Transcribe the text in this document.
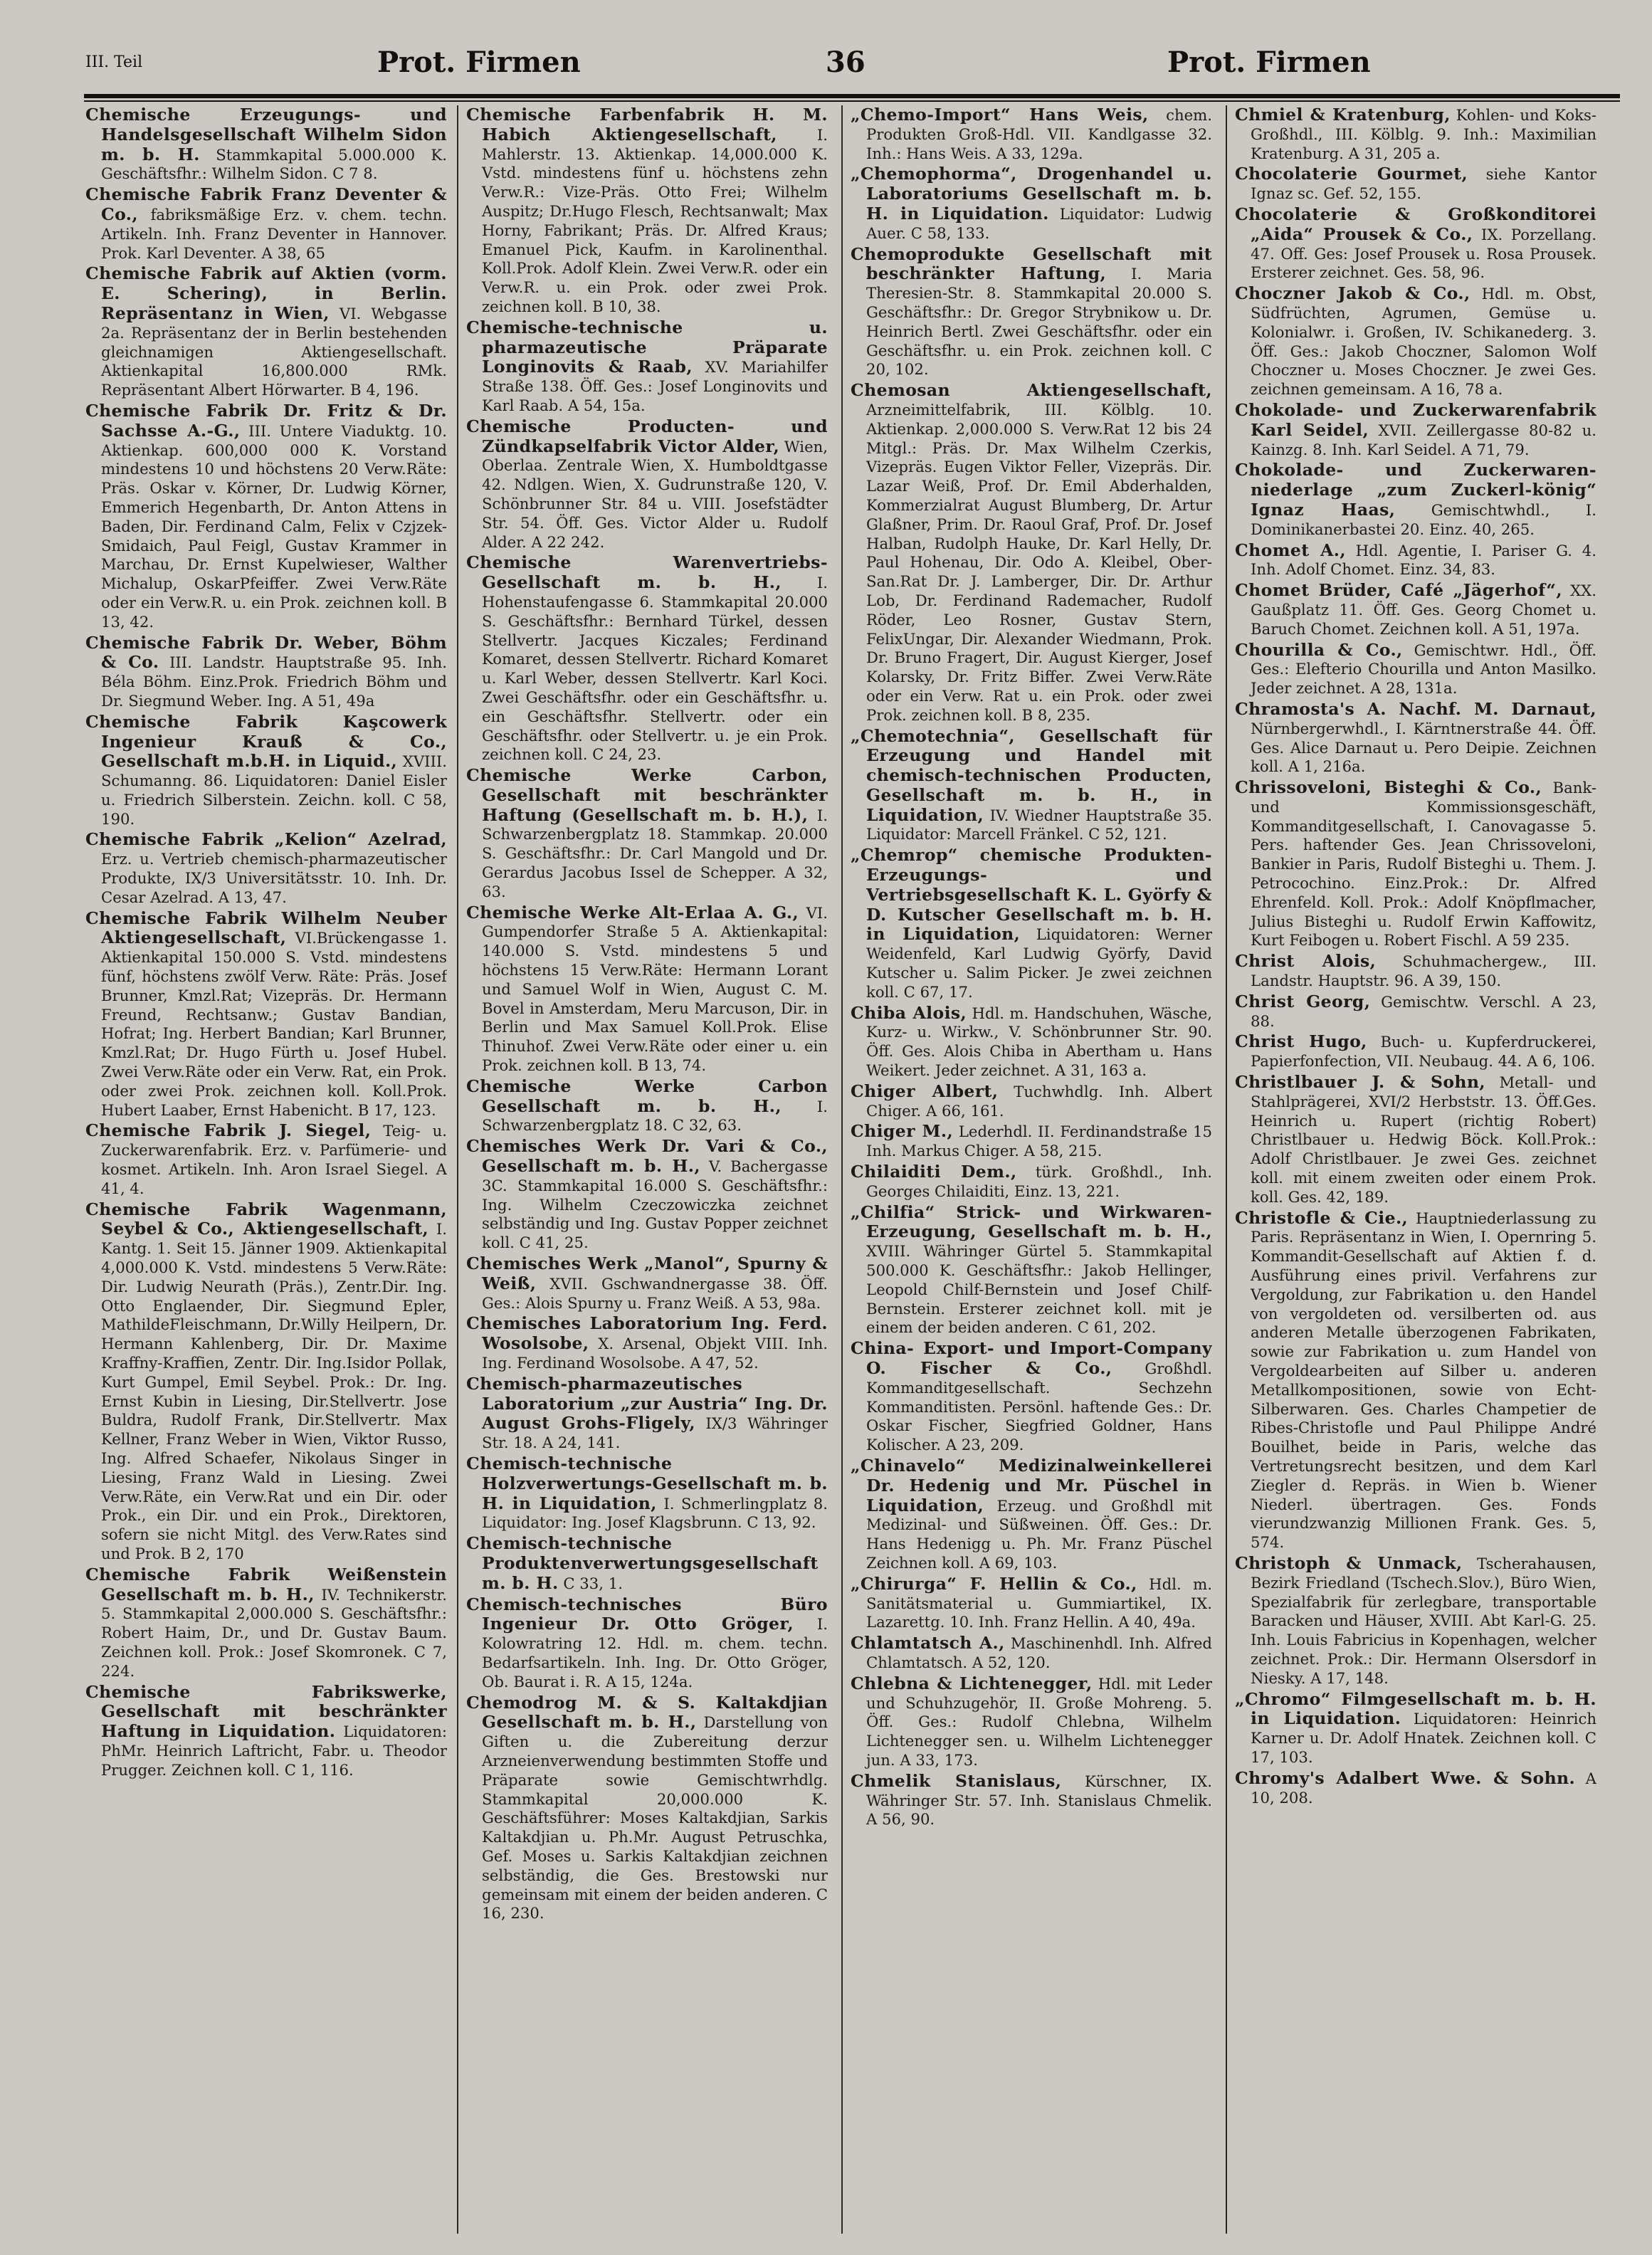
III. Teil	Prot. Firmen	36	Prot. Firmen
Chemische Erzeugungs- und Handelsgesellschaft Wilhelm Sidon m. b. H. Stammkapital 5.000.000 K. Geschäftsfhr.: Wilhelm Sidon. C 7 8.
Chemische Fabrik Franz Deventer & Co., fabriksmäßige Erz. v. chem. techn. Artikeln. Inh. Franz Deventer in Hannover. Prok. Karl Deventer. A 38, 65
Chemische Fabrik auf Aktien (vorm. E. Schering), in Berlin. Repräsentanz in Wien, VI. Webgasse 2a. Repräsentanz der in Berlin bestehenden gleichnamigen Aktiengesellschaft. Aktienkapital 16,800.000 RMk. Repräsentant Albert Hörwarter. B 4, 196.
Chemische Fabrik Dr. Fritz & Dr. Sachsse A.-G., III. Untere Viaduktg. 10. Aktienkap. 600,000 000 K. Vorstand mindestens 10 und höchstens 20 Verw.Räte: Präs. Oskar v. Körner, Dr. Ludwig Körner, Emmerich Hegenbarth, Dr. Anton Attens in Baden, Dir. Ferdinand Calm, Felix v Czjzek-Smidaich, Paul Feigl, Gustav Krammer in Marchau, Dr. Ernst Kupelwieser, Walther Michalup, OskarPfeiffer. Zwei Verw.Räte oder ein Verw.R. u. ein Prok. zeichnen koll. B 13, 42.
Chemische Fabrik Dr. Weber, Böhm & Co. III. Landstr. Hauptstraße 95. Inh. Béla Böhm. Einz.Prok. Friedrich Böhm und Dr. Siegmund Weber. Ing. A 51, 49a
Chemische Fabrik Kaşcowerk Ingenieur Krauß & Co., Gesellschaft m.b.H. in Liquid., XVIII. Schumanng. 86. Liquidatoren: Daniel Eisler u. Friedrich Silberstein. Zeichn. koll. C 58, 190.
Chemische Fabrik „Kelion“ Azelrad, Erz. u. Vertrieb chemisch-pharmazeutischer Produkte, IX/3 Universitätsstr. 10. Inh. Dr. Cesar Azelrad. A 13, 47.
Chemische Fabrik Wilhelm Neuber Aktiengesellschaft, VI.Brückengasse 1. Aktienkapital 150.000 S. Vstd. mindestens fünf, höchstens zwölf Verw. Räte: Präs. Josef Brunner, Kmzl.Rat; Vizepräs. Dr. Hermann Freund, Rechtsanw.; Gustav Bandian, Hofrat; Ing. Herbert Bandian; Karl Brunner, Kmzl.Rat; Dr. Hugo Fürth u. Josef Hubel. Zwei Verw.Räte oder ein Verw. Rat, ein Prok. oder zwei Prok. zeichnen koll. Koll.Prok. Hubert Laaber, Ernst Habenicht. B 17, 123.
Chemische Fabrik J. Siegel, Teig- u. Zuckerwarenfabrik. Erz. v. Parfümerie- und kosmet. Artikeln. Inh. Aron Israel Siegel. A 41, 4.
Chemische Fabrik Wagenmann, Seybel & Co., Aktiengesellschaft, I. Kantg. 1. Seit 15. Jänner 1909. Aktienkapital 4,000.000 K. Vstd. mindestens 5 Verw.Räte: Dir. Ludwig Neurath (Präs.), Zentr.Dir. Ing. Otto Englaender, Dir. Siegmund Epler, MathildeFleischmann, Dr.Willy Heilpern, Dr. Hermann Kahlenberg, Dir. Dr. Maxime Kraffny-Kraffien, Zentr. Dir. Ing.Isidor Pollak, Kurt Gumpel, Emil Seybel. Prok.: Dr. Ing. Ernst Kubin in Liesing, Dir.Stellvertr. Jose Buldra, Rudolf Frank, Dir.Stellvertr. Max Kellner, Franz Weber in Wien, Viktor Russo, Ing. Alfred Schaefer, Nikolaus Singer in Liesing, Franz Wald in Liesing. Zwei Verw.Räte, ein Verw.Rat und ein Dir. oder Prok., ein Dir. und ein Prok., Direktoren, sofern sie nicht Mitgl. des Verw.Rates sind und Prok. B 2, 170
Chemische Fabrik Weißenstein Gesellschaft m. b. H., IV. Technikerstr. 5. Stammkapital 2,000.000 S. Geschäftsfhr.: Robert Haim, Dr., und Dr. Gustav Baum. Zeichnen koll. Prok.: Josef Skomronek. C 7, 224.
Chemische Fabrikswerke, Gesellschaft mit beschränkter Haftung in Liquidation. Liquidatoren: PhMr. Heinrich Laftricht, Fabr. u. Theodor Prugger. Zeichnen koll. C 1, 116.
Chemische Farbenfabrik H. M. Habich Aktiengesellschaft,	I. Mahlerstr. 13. Aktienkap. 14,000.000 K. Vstd. mindestens fünf u. höchstens zehn Verw.R.: Vize-Präs. Otto Frei; Wilhelm Auspitz; Dr.Hugo Flesch, Rechtsanwalt; Max Horny, Fabrikant; Präs. Dr. Alfred Kraus; Emanuel Pick, Kaufm. in Karolinenthal. Koll.Prok. Adolf Klein. Zwei Verw.R. oder ein Verw.R. u. ein Prok. oder zwei Prok. zeichnen koll. B 10, 38.
Chemische-technische u. pharmazeutische Präparate Longinovits & Raab, XV. Mariahilfer Straße 138. Öff. Ges.: Josef Longinovits und Karl Raab. A 54, 15a.
Chemische Producten- und Zündkapselfabrik Victor Alder, Wien, Oberlaa. Zentrale Wien, X. Humboldtgasse 42. Ndlgen. Wien, X. Gudrunstraße 120, V. Schönbrunner Str. 84 u. VIII. Josefstädter Str. 54. Öff. Ges. Victor Alder u. Rudolf Alder. A 22 242.
Chemische Warenvertriebs-Gesellschaft m. b. H., I. Hohenstaufengasse 6. Stammkapital 20.000 S. Geschäftsfhr.: Bernhard Türkel, dessen Stellvertr. Jacques Kiczales; Ferdinand Komaret, dessen Stellvertr. Richard Komaret u. Karl Weber, dessen Stellvertr. Karl Koci. Zwei Geschäftsfhr. oder ein Geschäftsfhr. u. ein Geschäftsfhr. Stellvertr. oder ein Geschäftsfhr. oder Stellvertr. u. je ein Prok. zeichnen koll. C 24, 23.
Chemische Werke Carbon, Gesellschaft mit beschränkter Haftung (Gesellschaft m. b. H.), I. Schwarzenbergplatz 18. Stammkap. 20.000 S. Geschäftsfhr.: Dr. Carl Mangold und Dr. Gerardus Jacobus Issel de Schepper. A 32, 63.
Chemische Werke Alt-Erlaa A. G., VI. Gumpendorfer Straße 5 A. Aktienkapital: 140.000 S. Vstd. mindestens 5 und höchstens 15 Verw.Räte: Hermann Lorant und Samuel Wolf in Wien, August C. M. Bovel in Amsterdam, Meru Marcuson, Dir. in Berlin und Max Samuel Koll.Prok. Elise Thinuhof. Zwei Verw.Räte oder einer u. ein Prok. zeichnen koll. B 13, 74.
Chemische Werke Carbon Gesellschaft m. b. H., I. Schwarzenbergplatz 18. C 32, 63.
Chemisches Werk Dr. Vari & Co., Gesellschaft m. b. H., V. Bachergasse 3C. Stammkapital 16.000 S. Geschäftsfhr.: Ing. Wilhelm Czeczowiczka zeichnet selbständig und Ing. Gustav Popper zeichnet koll. C 41, 25.
Chemisches Werk „Manol“, Spurny & Weiß, XVII. Gschwandnergasse 38. Öff. Ges.: Alois Spurny u. Franz Weiß. A 53, 98a.
Chemisches Laboratorium Ing. Ferd. Wosolsobe, X. Arsenal, Objekt VIII. Inh. Ing. Ferdinand Wosolsobe. A 47, 52.
Chemisch-pharmazeutisches Laboratorium „zur Austria“ Ing. Dr. August Grohs-Fligely, IX/3 Währinger Str. 18. A 24, 141.
Chemisch-technische Holzverwertungs-Gesellschaft m. b. H. in Liquidation, I. Schmerlingplatz 8. Liquidator: Ing. Josef Klagsbrunn. C 13, 92.
Chemisch-technische Produktenverwertungsgesellschaft m. b. H. C 33, 1.
Chemisch-technisches Büro Ingenieur Dr. Otto Gröger, I. Kolowratring 12. Hdl. m. chem. techn. Bedarfsartikeln. Inh. Ing. Dr. Otto Gröger, Ob. Baurat i. R. A 15, 124a.
Chemodrog M. & S. Kaltakdjian Gesellschaft m. b. H., Darstellung von Giften u. die Zubereitung derzur Arzneienverwendung bestimmten Stoffe und Präparate sowie Gemischtwrhdlg. Stammkapital 20,000.000 K. Geschäftsführer: Moses Kaltakdjian, Sarkis Kaltakdjian u. Ph.Mr. August Petruschka, Gef. Moses u. Sarkis Kaltakdjian zeichnen selbständig, die Ges. Brestowski nur gemeinsam mit einem der beiden anderen. C 16, 230.
„Chemo-Import“ Hans Weis, chem. Produkten Groß-Hdl. VII. Kandlgasse 32. Inh.: Hans Weis. A 33, 129a.
„Chemophorma“, Drogenhandel u. Laboratoriums Gesellschaft m. b. H. in Liquidation. Liquidator: Ludwig Auer. C 58, 133.
Chemoprodukte Gesellschaft mit beschränkter Haftung, I. Maria Theresien-Str. 8. Stammkapital 20.000 S. Geschäftsfhr.: Dr. Gregor Strybnikow u. Dr. Heinrich Bertl. Zwei Geschäftsfhr. oder ein Geschäftsfhr. u. ein Prok. zeichnen koll. C 20, 102.
Chemosan Aktiengesellschaft, Arzneimittelfabrik, III. Kölblg. 10. Aktienkap. 2,000.000 S. Verw.Rat 12 bis 24 Mitgl.: Präs. Dr. Max Wilhelm Czerkis, Vizepräs. Eugen Viktor Feller, Vizepräs. Dir. Lazar Weiß, Prof. Dr. Emil Abderhalden, Kommerzialrat August Blumberg, Dr. Artur Glaßner, Prim. Dr. Raoul Graf, Prof. Dr. Josef Halban, Rudolph Hauke, Dr. Karl Helly, Dr. Paul Hohenau, Dir. Odo A. Kleibel, Ober-San.Rat Dr. J. Lamberger, Dir. Dr. Arthur Lob, Dr. Ferdinand Rademacher, Rudolf Röder, Leo Rosner, Gustav Stern, FelixUngar, Dir. Alexander Wiedmann, Prok. Dr. Bruno Fragert, Dir. August Kierger, Josef Kolarsky, Dr. Fritz Biffer. Zwei Verw.Räte oder ein Verw. Rat u. ein Prok. oder zwei Prok. zeichnen koll. B 8, 235.
„Chemotechnia“, Gesellschaft für Erzeugung und Handel mit chemisch-technischen Producten, Gesellschaft m. b. H., in Liquidation, IV. Wiedner Hauptstraße 35. Liquidator: Marcell Fränkel. C 52, 121.
„Chemrop“ chemische Produkten-Erzeugungs- und Vertriebsgesellschaft K. L. Györfy & D. Kutscher Gesellschaft m. b. H. in Liquidation, Liquidatoren: Werner Weidenfeld, Karl Ludwig Györfy, David Kutscher u. Salim Picker. Je zwei zeichnen koll. C 67, 17.
Chiba Alois, Hdl. m. Handschuhen, Wäsche, Kurz- u. Wirkw., V. Schönbrunner Str. 90. Öff. Ges. Alois Chiba in Abertham u. Hans Weikert. Jeder zeichnet. A 31, 163 a.
Chiger Albert, Tuchwhdlg. Inh. Albert Chiger. A 66, 161.
Chiger M., Lederhdl. II. Ferdinandstraße 15 Inh. Markus Chiger. A 58, 215.
Chilaiditi Dem., türk. Großhdl., Inh. Georges Chilaiditi, Einz. 13, 221.
„Chilfia“ Strick- und Wirkwaren-Erzeugung, Gesellschaft m. b. H., XVIII. Währinger Gürtel 5. Stammkapital 500.000 K. Geschäftsfhr.: Jakob Hellinger, Leopold Chilf-Bernstein und Josef Chilf-Bernstein. Ersterer zeichnet koll. mit je einem der beiden anderen. C 61, 202.
China- Export- und Import-Company O. Fischer & Co., Großhdl. Kommanditgesellschaft. Sechzehn Kommanditisten. Persönl. haftende Ges.: Dr. Oskar Fischer, Siegfried Goldner, Hans Kolischer. A 23, 209.
„Chinavelo“ Medizinalweinkellerei Dr. Hedenig und Mr. Püschel in Liquidation, Erzeug. und Großhdl mit Medizinal- und Süßweinen. Öff. Ges.: Dr. Hans Hedenigg u. Ph. Mr. Franz Püschel Zeichnen koll. A 69, 103.
„Chirurga“ F. Hellin & Co., Hdl. m. Sanitätsmaterial u. Gummiartikel, IX. Lazarettg. 10. Inh. Franz Hellin. A 40, 49a.
Chlamtatsch A., Maschinenhdl. Inh. Alfred Chlamtatsch. A 52, 120.
Chlebna & Lichtenegger, Hdl. mit Leder und Schuhzugehör, II. Große Mohreng. 5. Öff. Ges.: Rudolf Chlebna, Wilhelm Lichtenegger sen. u. Wilhelm Lichtenegger jun. A 33, 173.
Chmelik Stanislaus, Kürschner, IX. Währinger Str. 57. Inh. Stanislaus Chmelik. A 56, 90.
Chmiel & Kratenburg, Kohlen- und Koks-Großhdl., III. Kölblg. 9. Inh.: Maximilian Kratenburg. A 31, 205 a.
Chocolaterie Gourmet, siehe Kantor Ignaz sc. Gef. 52, 155.
Chocolaterie & Großkonditorei „Aida“ Prousek & Co., IX. Porzellang. 47. Off. Ges: Josef Prousek u. Rosa Prousek. Ersterer zeichnet. Ges. 58, 96.
Choczner Jakob & Co., Hdl. m. Obst, Südfrüchten, Agrumen, Gemüse u. Kolonialwr. i. Großen, IV. Schikanederg. 3. Öff. Ges.: Jakob Choczner, Salomon Wolf Choczner u. Moses Choczner. Je zwei Ges. zeichnen gemeinsam. A 16, 78 a.
Chokolade- und Zuckerwarenfabrik Karl Seidel, XVII. Zeillergasse 80-82 u. Kainzg. 8. Inh. Karl Seidel. A 71, 79.
Chokolade- und Zuckerwaren-niederlage „zum Zuckerl-könig“ Ignaz Haas, Gemischtwhdl., I. Dominikanerbastei 20. Einz. 40, 265.
Chomet A., Hdl. Agentie, I. Pariser G. 4. Inh. Adolf Chomet. Einz. 34, 83.
Chomet Brüder, Café „Jägerhof“, XX. Gaußplatz 11. Öff. Ges. Georg Chomet u. Baruch Chomet. Zeichnen koll. A 51, 197a.
Chourilla & Co., Gemischtwr. Hdl., Öff. Ges.: Elefterio Chourilla und Anton Masilko. Jeder zeichnet. A 28, 131a.
Chramosta's A. Nachf. M. Darnaut, Nürnbergerwhdl., I. Kärntnerstraße 44. Öff. Ges. Alice Darnaut u. Pero Deipie. Zeichnen koll. A 1, 216a.
Chrissoveloni, Bisteghi & Co., Bank- und Kommissionsgeschäft, Kommanditgesellschaft, I. Canovagasse 5. Pers. haftender Ges. Jean Chrissoveloni, Bankier in Paris, Rudolf Bisteghi u. Them. J. Petrocochino. Einz.Prok.: Dr. Alfred Ehrenfeld. Koll. Prok.: Adolf Knöpflmacher, Julius Bisteghi u. Rudolf Erwin Kaffowitz, Kurt Feibogen u. Robert Fischl. A 59 235.
Christ Alois, Schuhmachergew., III. Landstr. Hauptstr. 96. A 39, 150.
Christ Georg, Gemischtw. Verschl. A 23, 88.
Christ Hugo, Buch- u. Kupferdruckerei, Papierfonfection, VII. Neubaug. 44. A 6, 106.
Christlbauer J. & Sohn, Metall- und Stahlprägerei, XVI/2 Herbststr. 13. Öff.Ges. Heinrich u. Rupert (richtig Robert) Christlbauer u. Hedwig Böck. Koll.Prok.: Adolf Christlbauer. Je zwei Ges. zeichnet koll. mit einem zweiten oder einem Prok. koll. Ges. 42, 189.
Christofle & Cie., Hauptniederlassung zu Paris. Repräsentanz in Wien, I. Opernring 5. Kommandit-Gesellschaft auf Aktien f. d. Ausführung eines privil. Verfahrens zur Vergoldung, zur Fabrikation u. den Handel von vergoldeten od. versilberten od. aus anderen Metalle überzogenen Fabrikaten, sowie zur Fabrikation u. zum Handel von Vergoldearbeiten auf Silber u. anderen Metallkompositionen, sowie von Echt-Silberwaren. Ges. Charles Champetier de Ribes-Christofle und Paul Philippe André Bouilhet, beide in Paris, welche das Vertretungsrecht besitzen, und dem Karl Ziegler d. Repräs. in Wien b. Wiener Niederl. übertragen. Ges. Fonds vierundzwanzig Millionen Frank. Ges. 5, 574.
Christoph & Unmack, Tscherahausen, Bezirk Friedland (Tschech.Slov.), Büro Wien, Spezialfabrik für zerlegbare, transportable Baracken und Häuser, XVIII. Abt Karl-G. 25. Inh. Louis Fabricius in Kopenhagen, welcher zeichnet. Prok.: Dir. Hermann Olsersdorf in Niesky. A 17, 148.
„Chromo“ Filmgesellschaft m. b. H. in Liquidation. Liquidatoren: Heinrich Karner u. Dr. Adolf Hnatek. Zeichnen koll. C 17, 103.
Chromy's Adalbert Wwe. & Sohn. A 10, 208.
